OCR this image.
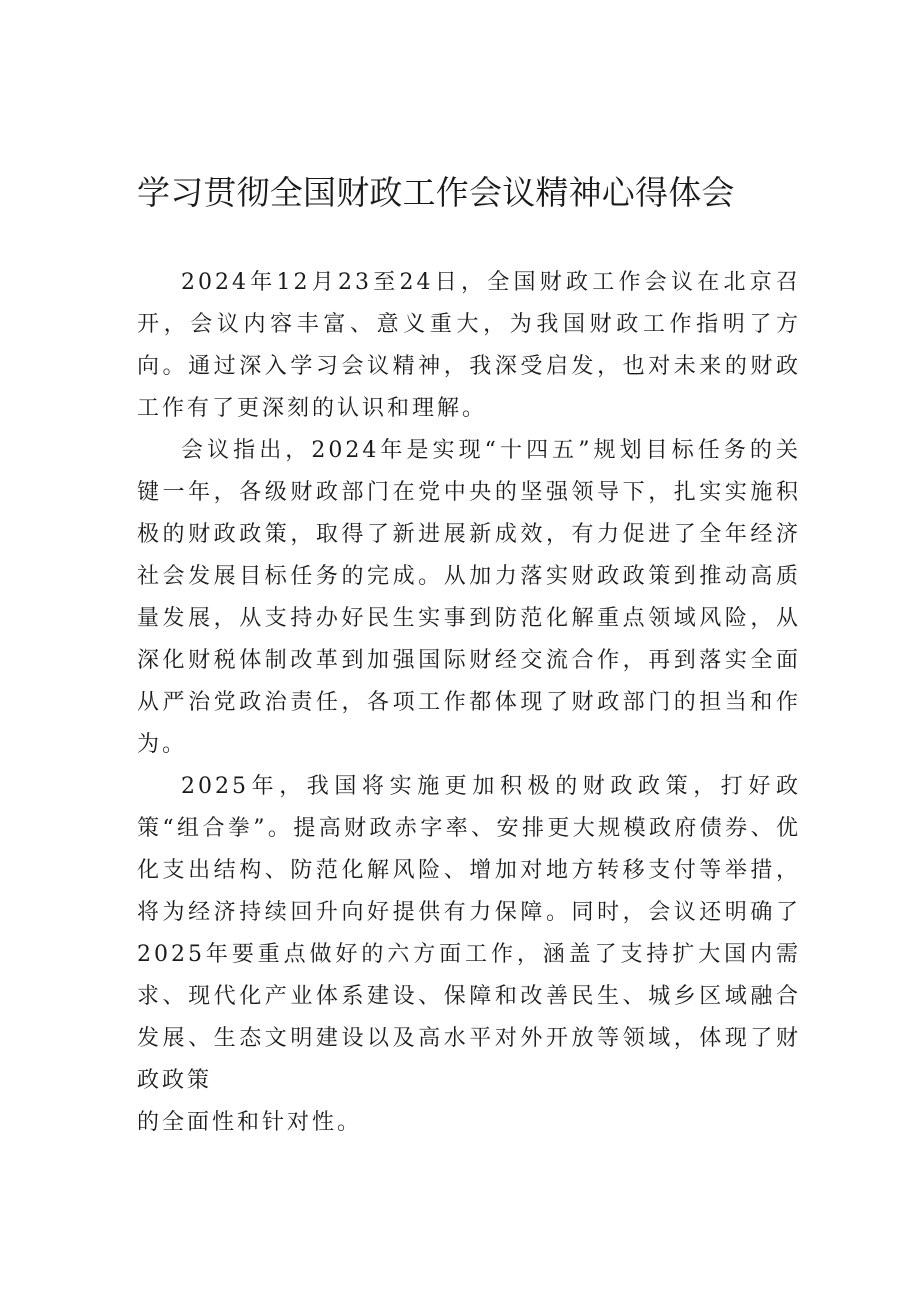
学习贯彻全国财政工作会议精神心得体会

2024年12月23至24日，全国财政工作会议在北京召开，会议内容丰富、意义重大，为我国财政工作指明了方向。通过深入学习会议精神，我深受启发，也对未来的财政工作有了更深刻的认识和理解。

会议指出，2024年是实现“十四五”规划目标任务的关键一年，各级财政部门在党中央的坚强领导下，扎实实施积极的财政政策，取得了新进展新成效，有力促进了全年经济社会发展目标任务的完成。从加力落实财政政策到推动高质量发展，从支持办好民生实事到防范化解重点领域风险，从深化财税体制改革到加强国际财经交流合作，再到落实全面从严治党政治责任，各项工作都体现了财政部门的担当和作为。

2025年，我国将实施更加积极的财政政策，打好政策“组合拳”。提高财政赤字率、安排更大规模政府债券、优化支出结构、防范化解风险、增加对地方转移支付等举措，将为经济持续回升向好提供有力保障。同时，会议还明确了2025年要重点做好的六方面工作，涵盖了支持扩大国内需求、现代化产业体系建设、保障和改善民生、城乡区域融合发展、生态文明建设以及高水平对外开放等领域，体现了财政政策

的全面性和针对性。
